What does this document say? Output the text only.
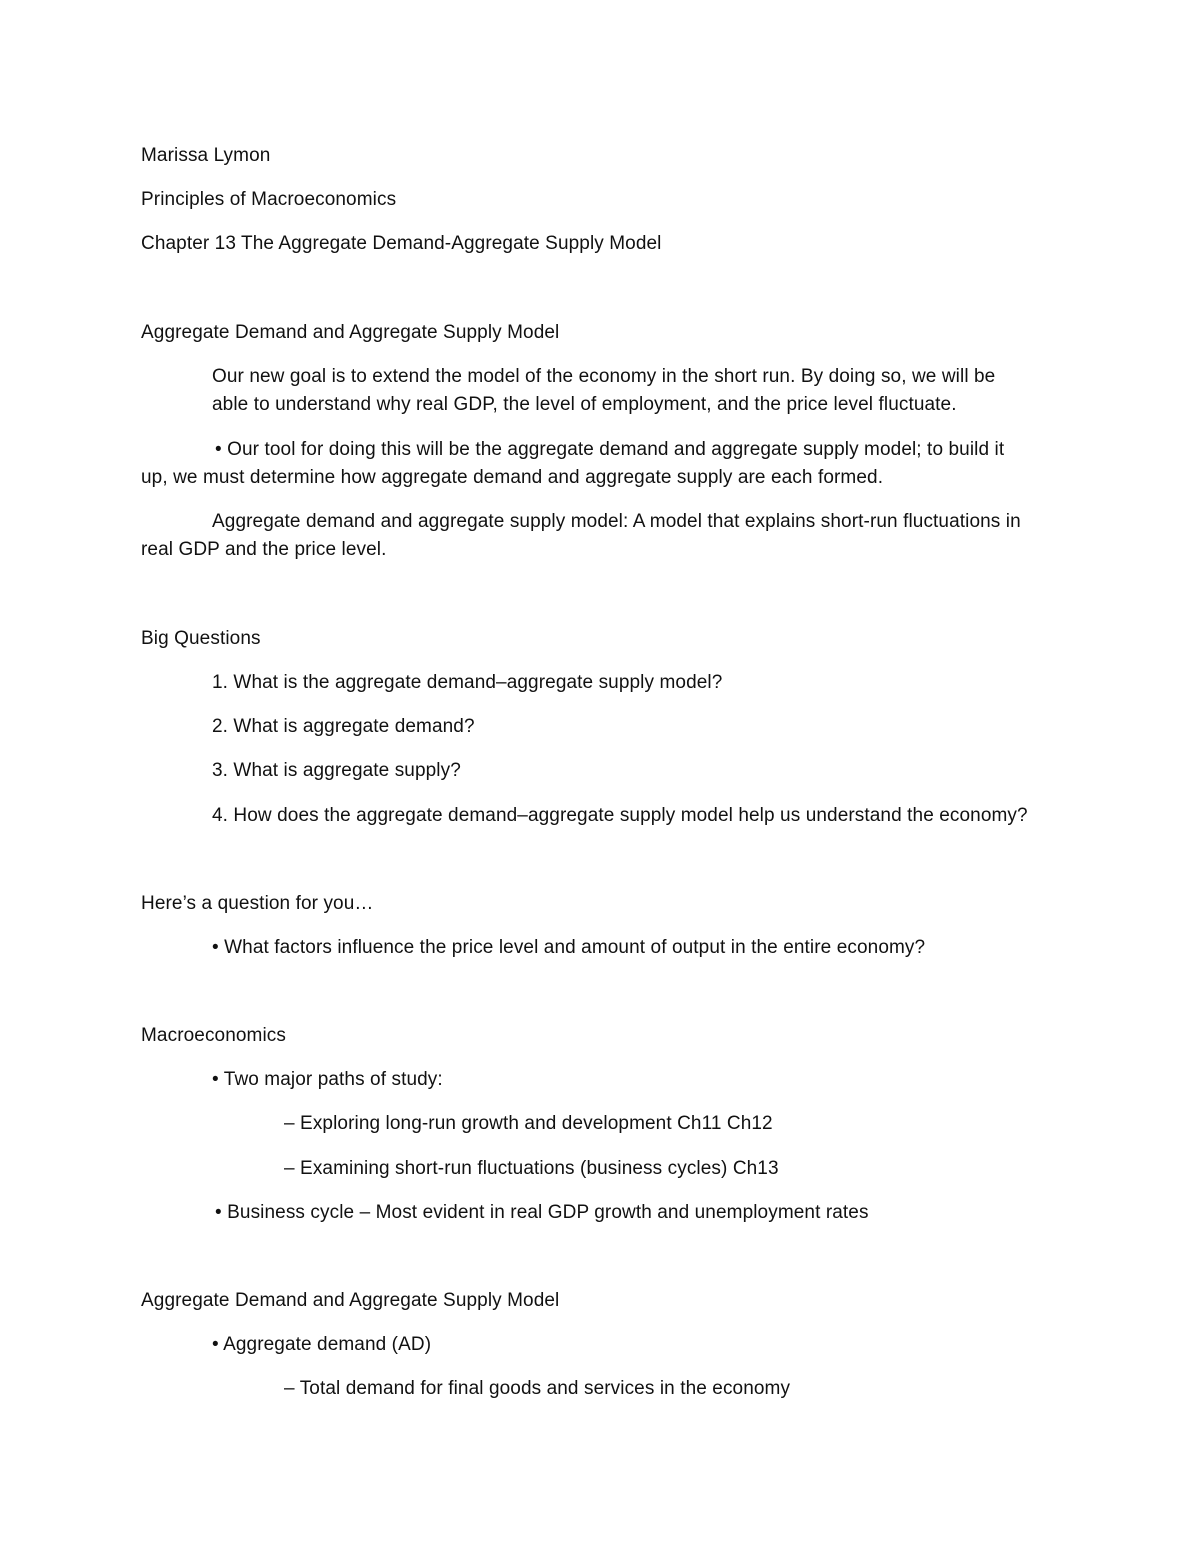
Marissa Lymon
Principles of Macroeconomics
Chapter 13 The Aggregate Demand-Aggregate Supply Model
Aggregate Demand and Aggregate Supply Model
Our new goal is to extend the model of the economy in the short run. By doing so, we will be
able to understand why real GDP, the level of employment, and the price level fluctuate.
• Our tool for doing this will be the aggregate demand and aggregate supply model; to build it
up, we must determine how aggregate demand and aggregate supply are each formed.
Aggregate demand and aggregate supply model: A model that explains short-run fluctuations in
real GDP and the price level.
Big Questions
1. What is the aggregate demand–aggregate supply model?
2. What is aggregate demand?
3. What is aggregate supply?
4. How does the aggregate demand–aggregate supply model help us understand the economy?
Here’s a question for you…
• What factors influence the price level and amount of output in the entire economy?
Macroeconomics
• Two major paths of study:
– Exploring long-run growth and development Ch11 Ch12
– Examining short-run fluctuations (business cycles) Ch13
• Business cycle – Most evident in real GDP growth and unemployment rates
Aggregate Demand and Aggregate Supply Model
• Aggregate demand (AD)
– Total demand for final goods and services in the economy
